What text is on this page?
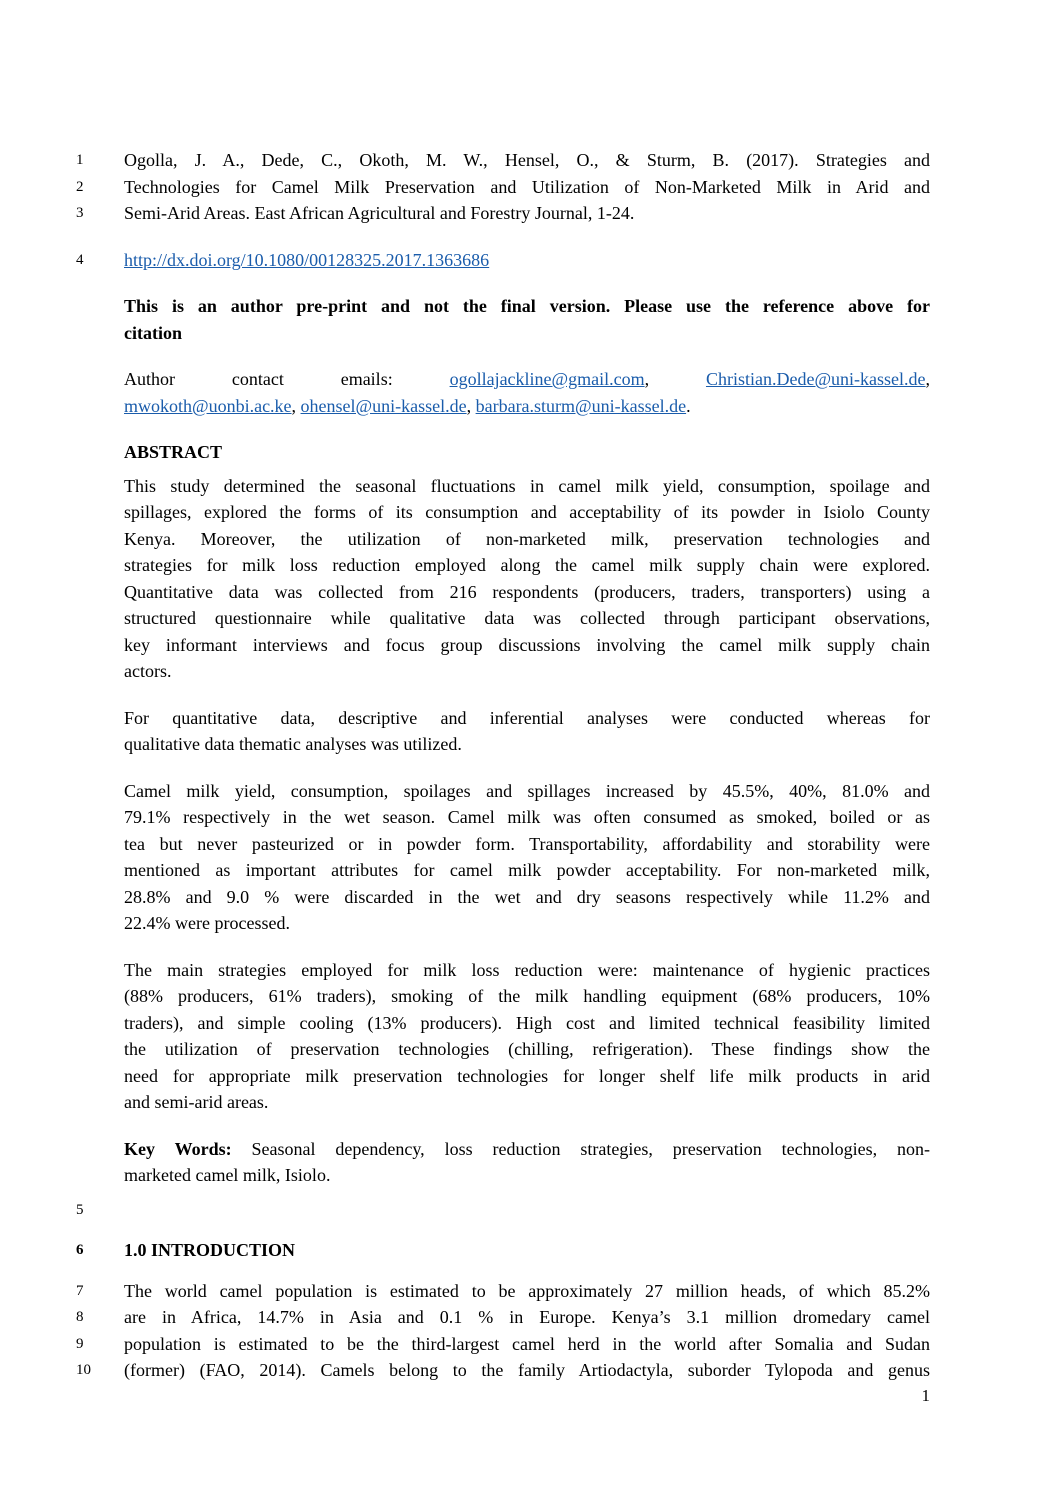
1	Ogolla, J. A., Dede, C., Okoth, M. W., Hensel, O., & Sturm, B. (2017). Strategies and
2	Technologies for Camel Milk Preservation and Utilization of Non-Marketed Milk in Arid and
3	Semi-Arid Areas. East African Agricultural and Forestry Journal, 1-24.
4	http://dx.doi.org/10.1080/00128325.2017.1363686
This is an author pre-print and not the final version. Please use the reference above for
citation
Author contact emails: ogollajackline@gmail.com, Christian.Dede@uni-kassel.de,
mwokoth@uonbi.ac.ke, ohensel@uni-kassel.de, barbara.sturm@uni-kassel.de.
ABSTRACT
This study determined the seasonal fluctuations in camel milk yield, consumption, spoilage and
spillages, explored the forms of its consumption and acceptability of its powder in Isiolo County
Kenya. Moreover, the utilization of non-marketed milk, preservation technologies and
strategies for milk loss reduction employed along the camel milk supply chain were explored.
Quantitative data was collected from 216 respondents (producers, traders, transporters) using a
structured questionnaire while qualitative data was collected through participant observations,
key informant interviews and focus group discussions involving the camel milk supply chain
actors.
For quantitative data, descriptive and inferential analyses were conducted whereas for
qualitative data thematic analyses was utilized.
Camel milk yield, consumption, spoilages and spillages increased by 45.5%, 40%, 81.0% and
79.1% respectively in the wet season. Camel milk was often consumed as smoked, boiled or as
tea but never pasteurized or in powder form. Transportability, affordability and storability were
mentioned as important attributes for camel milk powder acceptability. For non-marketed milk,
28.8% and 9.0 % were discarded in the wet and dry seasons respectively while 11.2% and
22.4% were processed.
The main strategies employed for milk loss reduction were: maintenance of hygienic practices
(88% producers, 61% traders), smoking of the milk handling equipment (68% producers, 10%
traders), and simple cooling (13% producers). High cost and limited technical feasibility limited
the utilization of preservation technologies (chilling, refrigeration). These findings show the
need for appropriate milk preservation technologies for longer shelf life milk products in arid
and semi-arid areas.
Key Words: Seasonal dependency, loss reduction strategies, preservation technologies, non-
marketed camel milk, Isiolo.
5
6	1.0 INTRODUCTION
7	The world camel population is estimated to be approximately 27 million heads, of which 85.2%
8	are in Africa, 14.7% in Asia and 0.1 % in Europe. Kenya’s 3.1 million dromedary camel
9	population is estimated to be the third-largest camel herd in the world after Somalia and Sudan
10 (former) (FAO, 2014). Camels belong to the family Artiodactyla, suborder Tylopoda and genus
1
